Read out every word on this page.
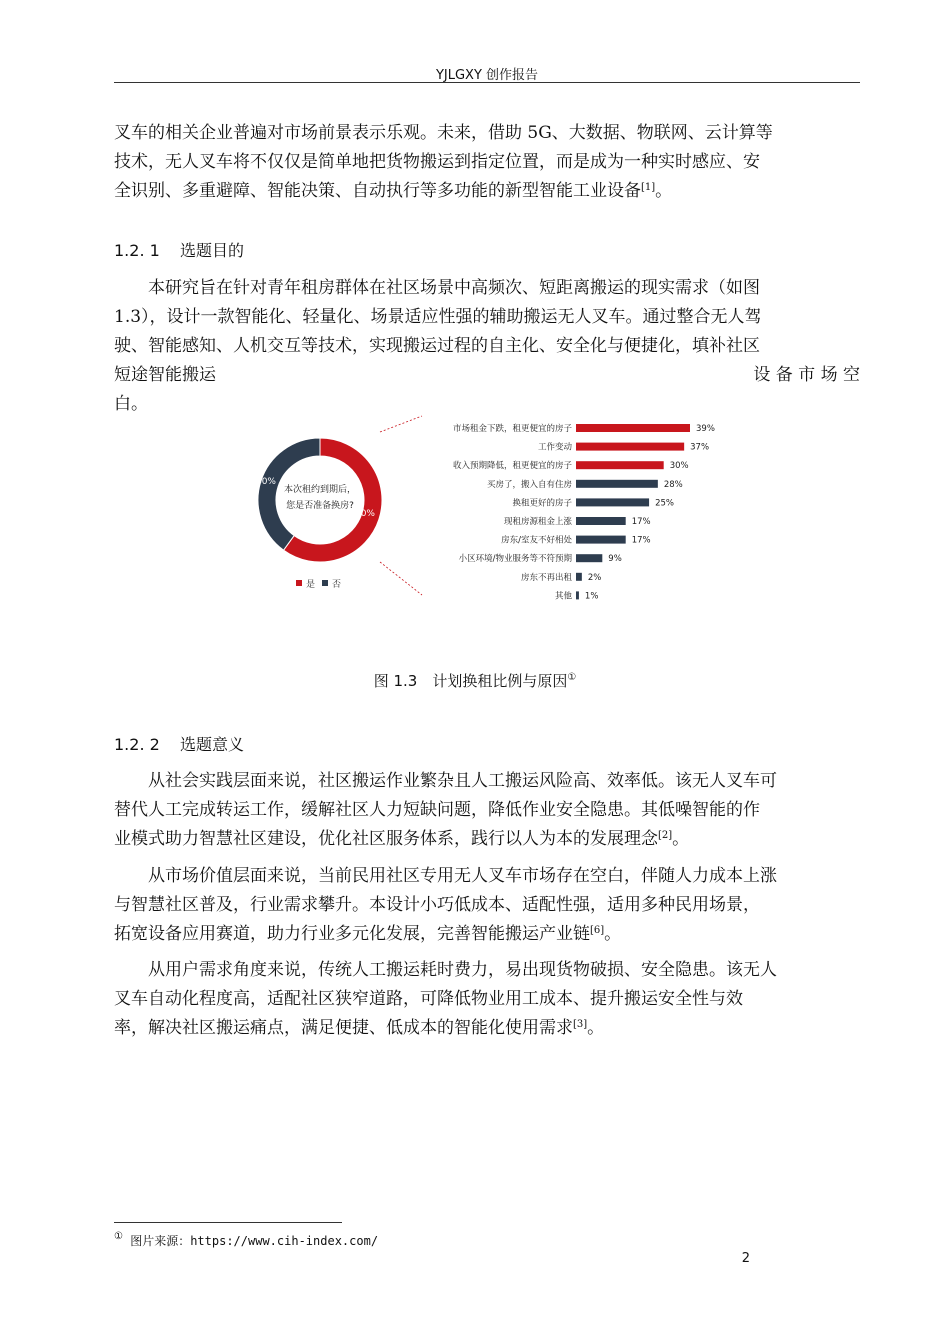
YJLGXY 创作报告

叉车的相关企业普遍对市场前景表示乐观。未来，借助 5G、大数据、物联网、云计算等
技术，无人叉车将不仅仅是简单地把货物搬运到指定位置，而是成为一种实时感应、安
全识别、多重避障、智能决策、自动执行等多功能的新型智能工业设备[1]。

1.2. 1 选题目的

本研究旨在针对青年租房群体在社区场景中高频次、短距离搬运的现实需求（如图
1.3），设计一款智能化、轻量化、场景适应性强的辅助搬运无人叉车。通过整合无人驾
驶、智能感知、人机交互等技术，实现搬运过程的自主化、安全化与便捷化，填补社区
短途智能搬运	设 备 市 场 空
白。

本次租约到期后，
您是否准备换房?
60%
40%
是 否
市场租金下跌，租更便宜的房子	39%
工作变动	37%
收入预期降低，租更便宜的房子	30%
买房了，搬入自有住房	28%
换租更好的房子	25%
现租房源租金上涨	17%
房东/室友不好相处	17%
小区环境/物业服务等不符预期	9%
房东不再出租 2%
其他 1%
图 1.3　计划换租比例与原因①
1.2. 2 选题意义

从社会实践层面来说，社区搬运作业繁杂且人工搬运风险高、效率低。该无人叉车可
替代人工完成转运工作，缓解社区人力短缺问题，降低作业安全隐患。其低噪智能的作
业模式助力智慧社区建设，优化社区服务体系，践行以人为本的发展理念[2]。

从市场价值层面来说，当前民用社区专用无人叉车市场存在空白，伴随人力成本上涨
与智慧社区普及，行业需求攀升。本设计小巧低成本、适配性强，适用多种民用场景，
拓宽设备应用赛道，助力行业多元化发展，完善智能搬运产业链[6]。

从用户需求角度来说，传统人工搬运耗时费力，易出现货物破损、安全隐患。该无人
叉车自动化程度高，适配社区狭窄道路，可降低物业用工成本、提升搬运安全性与效
率，解决社区搬运痛点，满足便捷、低成本的智能化使用需求[3]。

① 图片来源：https://www.cih-index.com/
2
